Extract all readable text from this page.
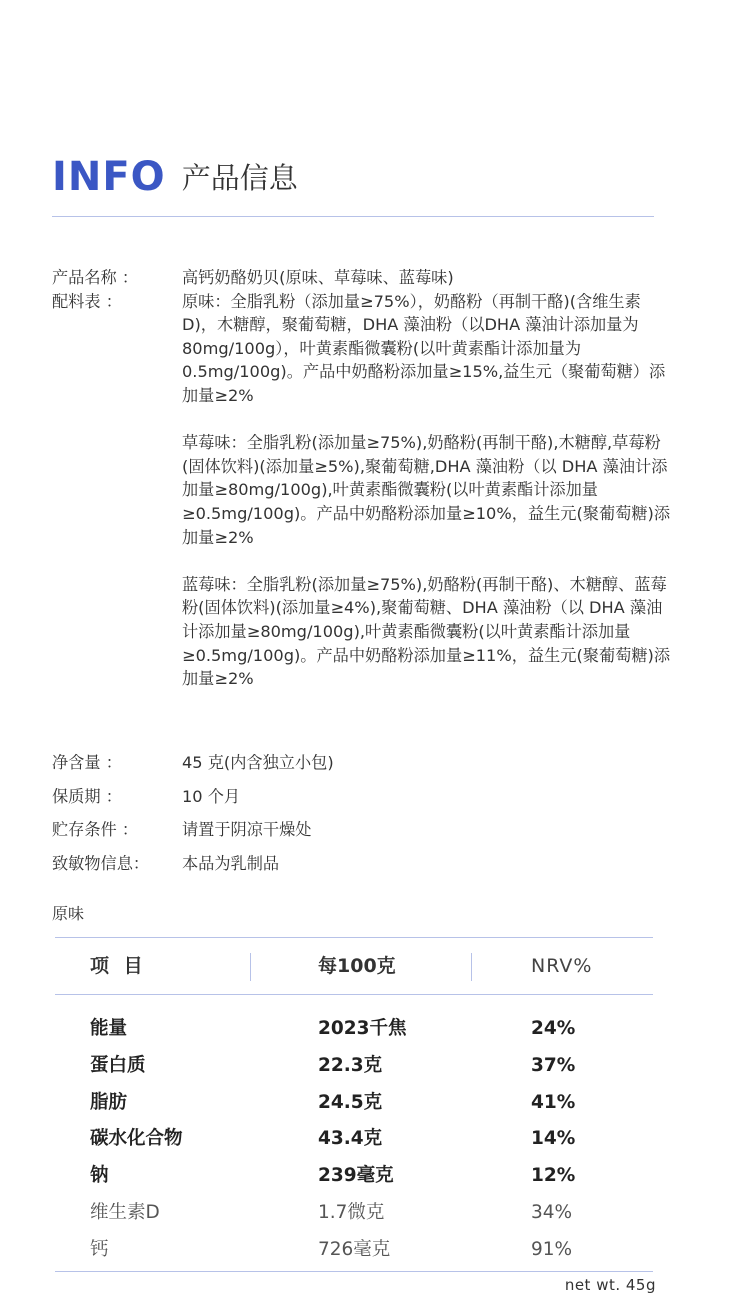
INFO 产品信息
产品名称 ：	高钙奶酪奶贝(原味、草莓味、蓝莓味)
配料表 ：	原味：全脂乳粉（添加量≥75%），奶酪粉（再制干酪)(含维生素 D)，木糖醇，聚葡萄糖，DHA 藻油粉（以DHA 藻油计添加量为 80mg/100g），叶黄素酯微囊粉(以叶黄素酯计添加量为 0.5mg/100g)。产品中奶酪粉添加量≥15%,益生元（聚葡萄糖）添加量≥2%

草莓味：全脂乳粉(添加量≥75%),奶酪粉(再制干酪),木糖醇,草莓粉(固体饮料)(添加量≥5%),聚葡萄糖,DHA 藻油粉（以 DHA 藻油计添加量≥80mg/100g),叶黄素酯微囊粉(以叶黄素酯计添加量≥0.5mg/100g)。产品中奶酪粉添加量≥10%，益生元(聚葡萄糖)添加量≥2%

蓝莓味：全脂乳粉(添加量≥75%),奶酪粉(再制干酪)、木糖醇、蓝莓粉(固体饮料)(添加量≥4%),聚葡萄糖、DHA 藻油粉（以 DHA 藻油计添加量≥80mg/100g),叶黄素酯微囊粉(以叶黄素酯计添加量≥0.5mg/100g)。产品中奶酪粉添加量≥11%，益生元(聚葡萄糖)添加量≥2%

净含量 ：	45 克(内含独立小包)
保质期 ：	10 个月
贮存条件 ：	请置于阴凉干燥处
致敏物信息：	本品为乳制品
原味
项 目	每100克	NRV%
能量	2023千焦	24%
蛋白质	22.3克	37%
脂肪	24.5克	41%
碳水化合物	43.4克	14%
钠	239毫克	12%
维生素D	1.7微克	34%
钙	726毫克	91%
net wt. 45g
